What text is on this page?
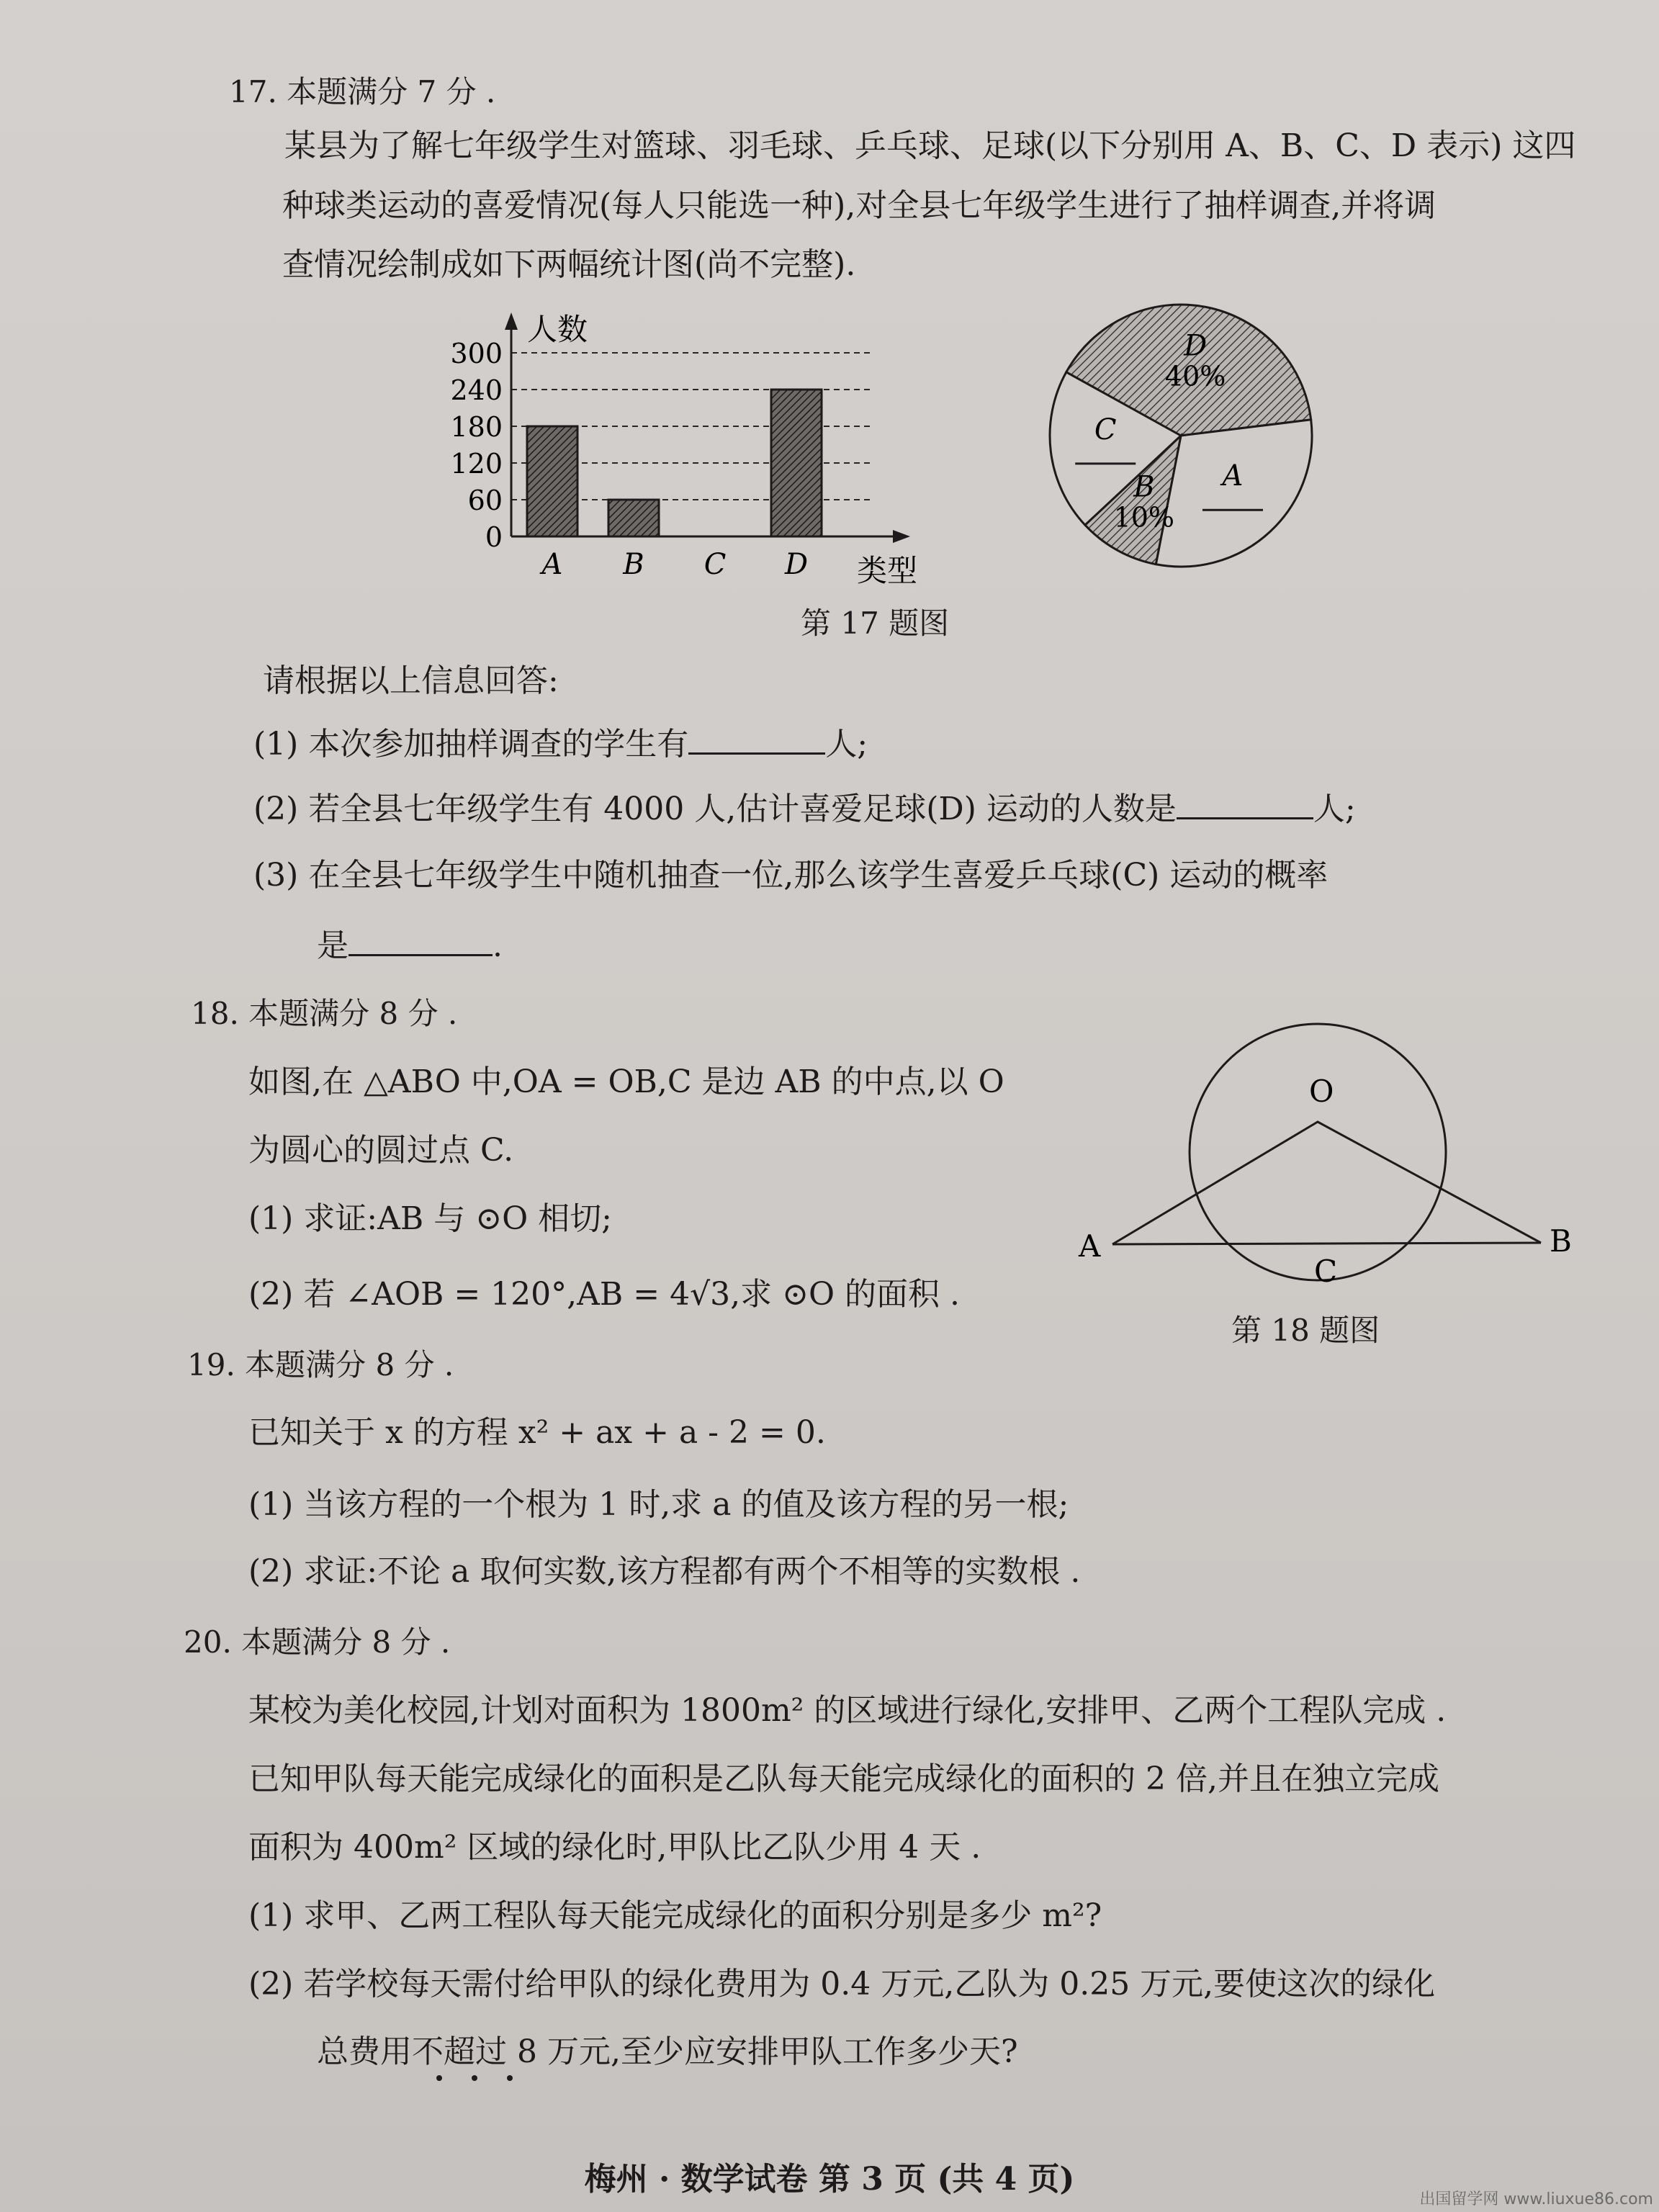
17. 本题满分 7 分 .
某县为了解七年级学生对篮球、羽毛球、乒乓球、足球(以下分别用 A、B、C、D 表示) 这四
种球类运动的喜爱情况(每人只能选一种),对全县七年级学生进行了抽样调查,并将调
查情况绘制成如下两幅统计图(尚不完整).
0
60
120
180
240
300
人数
类型
A B C D
D
40%
A
B
10%
C
第 17 题图
请根据以上信息回答:
(1) 本次参加抽样调查的学生有	人;
(2) 若全县七年级学生有 4000 人,估计喜爱足球(D) 运动的人数是	人;
(3) 在全县七年级学生中随机抽查一位,那么该学生喜爱乒乓球(C) 运动的概率
是	.
18. 本题满分 8 分 .
如图,在 △ABO 中,OA = OB,C 是边 AB 的中点,以 O
为圆心的圆过点 C.
(1) 求证:AB 与 ⊙O 相切;
(2) 若 ∠AOB = 120°,AB = 4√3,求 ⊙O 的面积 .
O
A	B
C
第 18 题图
19. 本题满分 8 分 .
已知关于 x 的方程 x² + ax + a - 2 = 0.
(1) 当该方程的一个根为 1 时,求 a 的值及该方程的另一根;
(2) 求证:不论 a 取何实数,该方程都有两个不相等的实数根 .
20. 本题满分 8 分 .
某校为美化校园,计划对面积为 1800m² 的区域进行绿化,安排甲、乙两个工程队完成 .
已知甲队每天能完成绿化的面积是乙队每天能完成绿化的面积的 2 倍,并且在独立完成
面积为 400m² 区域的绿化时,甲队比乙队少用 4 天 .
(1) 求甲、乙两工程队每天能完成绿化的面积分别是多少 m²?
(2) 若学校每天需付给甲队的绿化费用为 0.4 万元,乙队为 0.25 万元,要使这次的绿化
总费用不超过 8 万元,至少应安排甲队工作多少天?
梅州 · 数学试卷 第 3 页 (共 4 页)
出国留学网 www.liuxue86.com
